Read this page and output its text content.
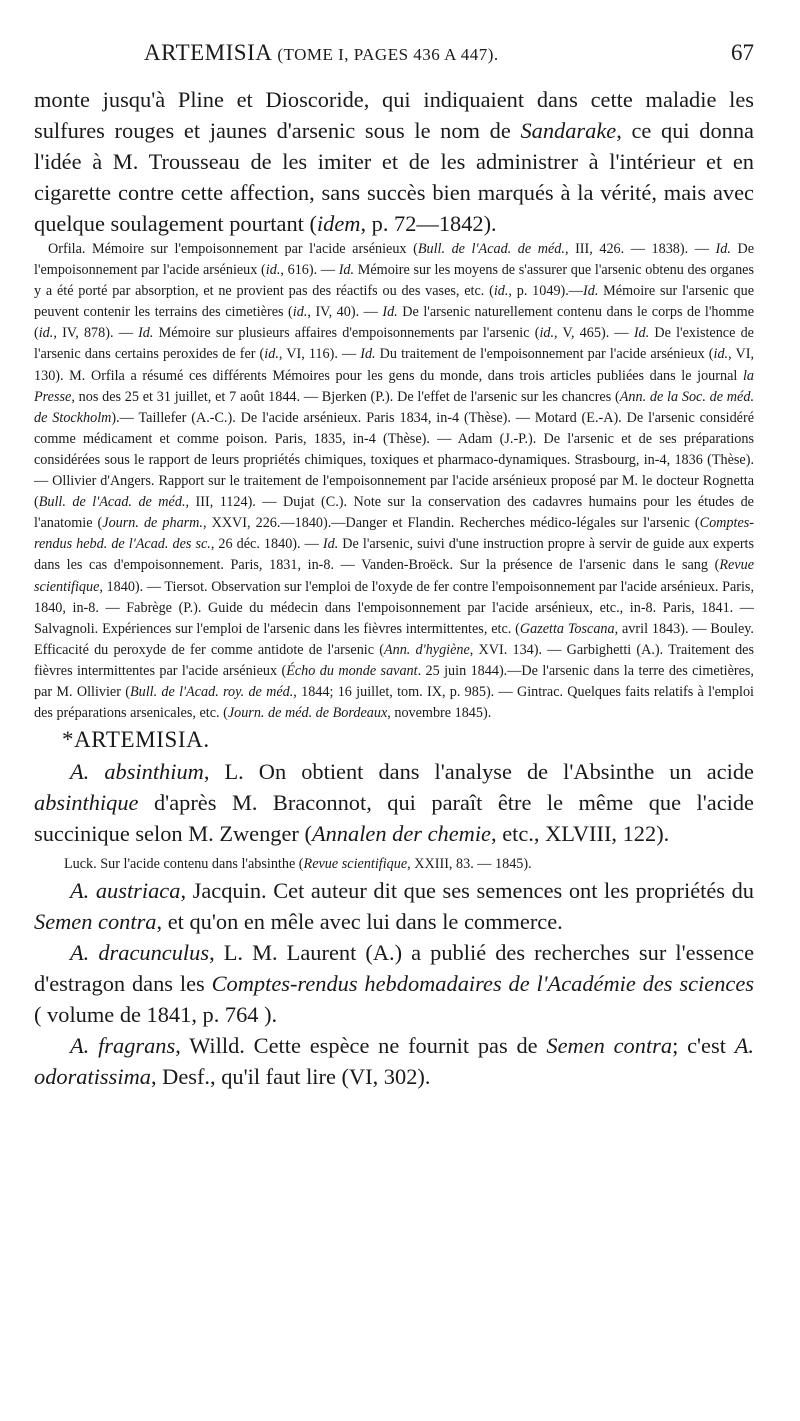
ARTEMISIA (TOME I, PAGES 436 A 447).	67

monte jusqu'à Pline et Dioscoride, qui indiquaient dans cette maladie les sulfures rouges et jaunes d'arsenic sous le nom de Sandarake, ce qui donna l'idée à M. Trousseau de les imiter et de les administrer à l'intérieur et en cigarette contre cette affection, sans succès bien marqués à la vérité, mais avec quelque soulagement pourtant (idem, p. 72—1842).

Orfila. Mémoire sur l'empoisonnement par l'acide arsénieux (Bull. de l'Acad. de méd., III, 426. — 1838). — Id. De l'empoisonnement par l'acide arsénieux (id., 616). — Id. Mémoire sur les moyens de s'assurer que l'arsenic obtenu des organes y a été porté par absorption, et ne provient pas des réactifs ou des vases, etc. (id., p. 1049).—Id. Mémoire sur l'arsenic que peuvent contenir les terrains des cimetières (id., IV, 40). — Id. De l'arsenic naturellement contenu dans le corps de l'homme (id., IV, 878). — Id. Mémoire sur plusieurs affaires d'empoisonnements par l'arsenic (id., V, 465). — Id. De l'existence de l'arsenic dans certains peroxides de fer (id., VI, 116). — Id. Du traitement de l'empoisonnement par l'acide arsénieux (id., VI, 130). M. Orfila a résumé ces différents Mémoires pour les gens du monde, dans trois articles publiées dans le journal la Presse, nos des 25 et 31 juillet, et 7 août 1844. — Bjerken (P.). De l'effet de l'arsenic sur les chancres (Ann. de la Soc. de méd. de Stockholm).— Taillefer (A.-C.). De l'acide arsénieux. Paris 1834, in-4 (Thèse). — Motard (E.-A). De l'arsenic considéré comme médicament et comme poison. Paris, 1835, in-4 (Thèse). — Adam (J.-P.). De l'arsenic et de ses préparations considérées sous le rapport de leurs propriétés chimiques, toxiques et pharmaco-dynamiques. Strasbourg, in-4, 1836 (Thèse). — Ollivier d'Angers. Rapport sur le traitement de l'empoisonnement par l'acide arsénieux proposé par M. le docteur Rognetta (Bull. de l'Acad. de méd., III, 1124). — Dujat (C.). Note sur la conservation des cadavres humains pour les études de l'anatomie (Journ. de pharm., XXVI, 226.—1840).—Danger et Flandin. Recherches médico-légales sur l'arsenic (Comptes-rendus hebd. de l'Acad. des sc., 26 déc. 1840). — Id. De l'arsenic, suivi d'une instruction propre à servir de guide aux experts dans les cas d'empoisonnement. Paris, 1831, in-8. — Vanden-Broëck. Sur la présence de l'arsenic dans le sang (Revue scientifique, 1840). — Tiersot. Observation sur l'emploi de l'oxyde de fer contre l'empoisonnement par l'acide arsénieux. Paris, 1840, in-8. — Fabrège (P.). Guide du médecin dans l'empoisonnement par l'acide arsénieux, etc., in-8. Paris, 1841. — Salvagnoli. Expériences sur l'emploi de l'arsenic dans les fièvres intermittentes, etc. (Gazetta Toscana, avril 1843). — Bouley. Efficacité du peroxyde de fer comme antidote de l'arsenic (Ann. d'hygiène, XVI. 134). — Garbighetti (A.). Traitement des fièvres intermittentes par l'acide arsénieux (Écho du monde savant. 25 juin 1844).—De l'arsenic dans la terre des cimetières, par M. Ollivier (Bull. de l'Acad. roy. de méd., 1844; 16 juillet, tom. IX, p. 985). — Gintrac. Quelques faits relatifs à l'emploi des préparations arsenicales, etc. (Journ. de méd. de Bordeaux, novembre 1845).

*ARTEMISIA.

A. absinthium, L. On obtient dans l'analyse de l'Absinthe un acide absinthique d'après M. Braconnot, qui paraît être le même que l'acide succinique selon M. Zwenger (Annalen der chemie, etc., XLVIII, 122).

Luck. Sur l'acide contenu dans l'absinthe (Revue scientifique, XXIII, 83. — 1845).

A. austriaca, Jacquin. Cet auteur dit que ses semences ont les propriétés du Semen contra, et qu'on en mêle avec lui dans le commerce.

A. dracunculus, L. M. Laurent (A.) a publié des recherches sur l'essence d'estragon dans les Comptes-rendus hebdomadaires de l'Académie des sciences ( volume de 1841, p. 764 ).

A. fragrans, Willd. Cette espèce ne fournit pas de Semen contra; c'est A. odoratissima, Desf., qu'il faut lire (VI, 302).
